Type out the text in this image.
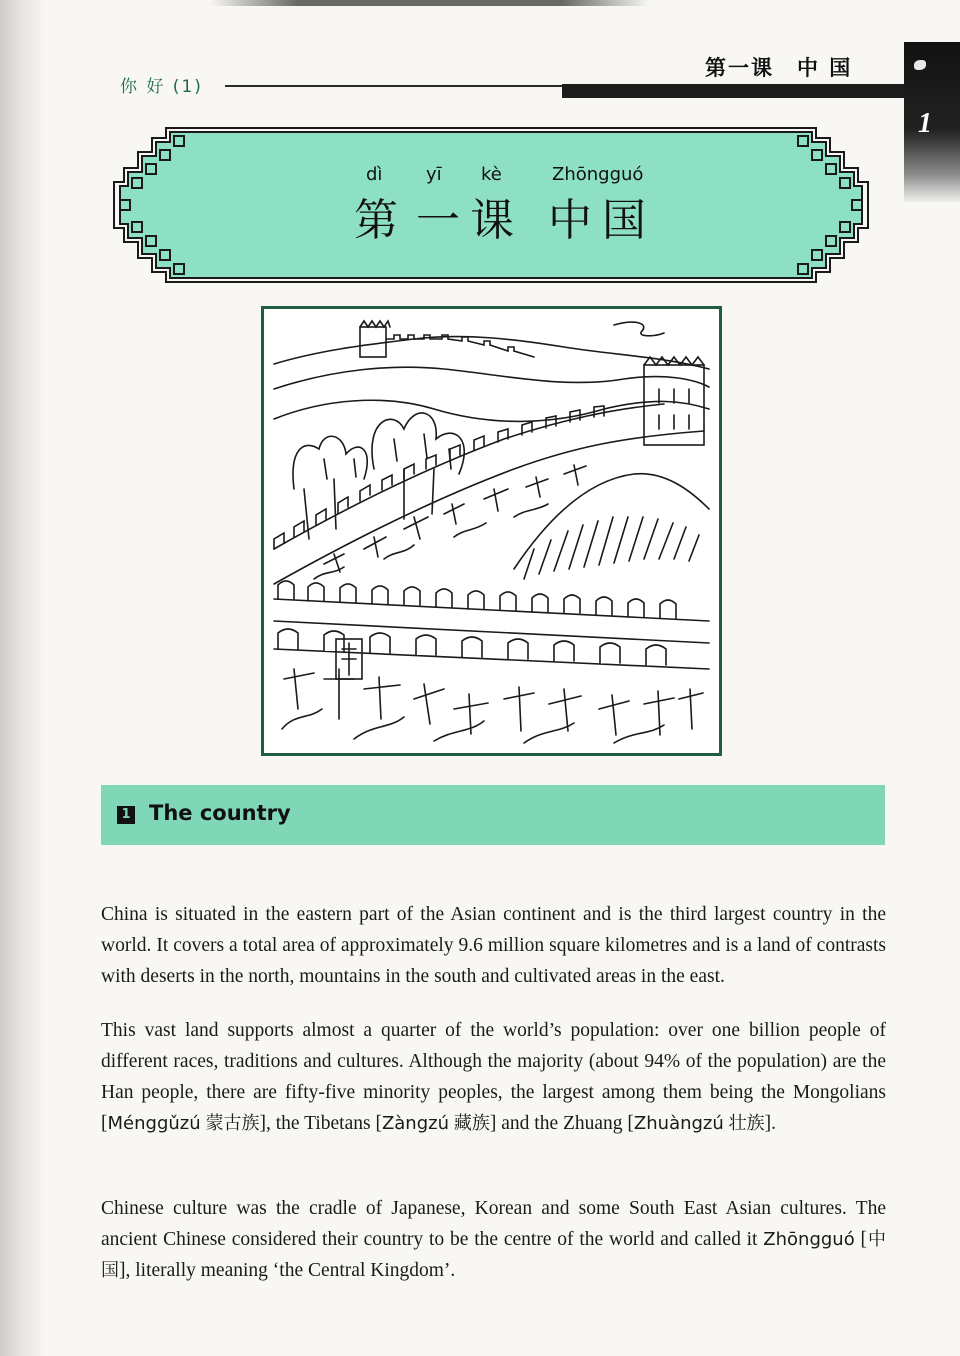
你 好 (1)
第一课　中 国
1
dì yī kè	Zhōngguó
第 一 课 中 国
1 The country

China is situated in the eastern part of the Asian continent and is the third largest country in the world. It covers a total area of approximately 9.6 million square kilometres and is a land of contrasts with deserts in the north, mountains in the south and cultivated areas in the east.

This vast land supports almost a quarter of the world’s population: over one billion people of different races, traditions and cultures. Although the majority (about 94% of the population) are the Han people, there are fifty-five minority peoples, the largest among them being the Mongolians [Ménggǔzú 蒙古族], the Tibetans [Zàngzú 藏族] and the Zhuang [Zhuàngzú 壮族].

Chinese culture was the cradle of Japanese, Korean and some South East Asian cultures. The ancient Chinese considered their country to be the centre of the world and called it Zhōngguó [中国], literally meaning ‘the Central Kingdom’.
